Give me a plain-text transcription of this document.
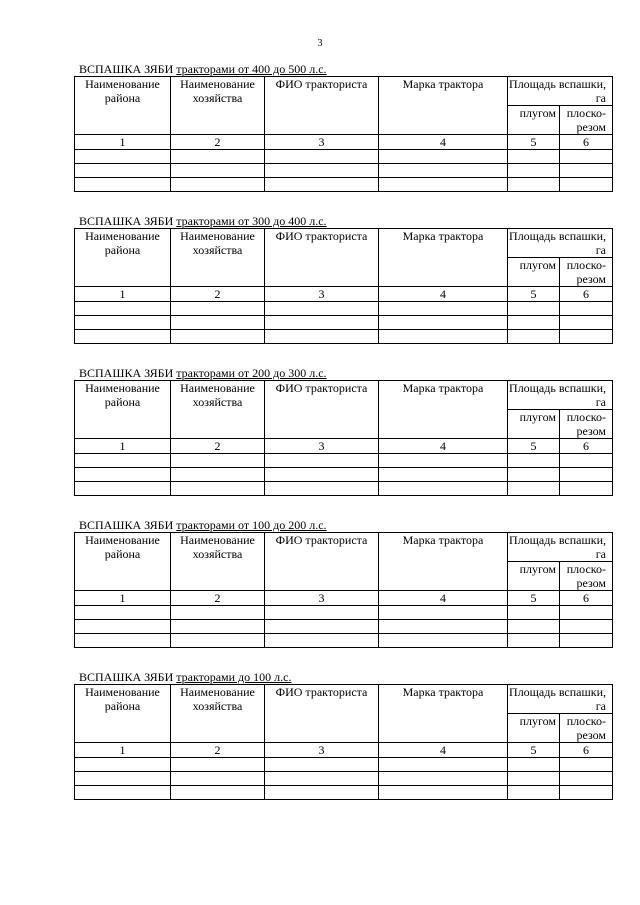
3
ВСПАШКА ЗЯБИ тракторами от 400 до 500 л.с.
Наименование района	Наименование хозяйства	ФИО тракториста	Марка трактора	Площадь вспашки, га	
				плугом	плоско-резом
1	2	3	4	5	6

ВСПАШКА ЗЯБИ тракторами от 300 до 400 л.с.
Наименование района	Наименование хозяйства	ФИО тракториста	Марка трактора	Площадь вспашки, га	
				плугом	плоско-резом
1	2	3	4	5	6

ВСПАШКА ЗЯБИ тракторами от 200 до 300 л.с.
Наименование района	Наименование хозяйства	ФИО тракториста	Марка трактора	Площадь вспашки, га	
				плугом	плоско-резом
1	2	3	4	5	6

ВСПАШКА ЗЯБИ тракторами от 100 до 200 л.с.
Наименование района	Наименование хозяйства	ФИО тракториста	Марка трактора	Площадь вспашки, га	
				плугом	плоско-резом
1	2	3	4	5	6

ВСПАШКА ЗЯБИ тракторами до 100 л.с.
Наименование района	Наименование хозяйства	ФИО тракториста	Марка трактора	Площадь вспашки, га	
				плугом	плоско-резом
1	2	3	4	5	6
